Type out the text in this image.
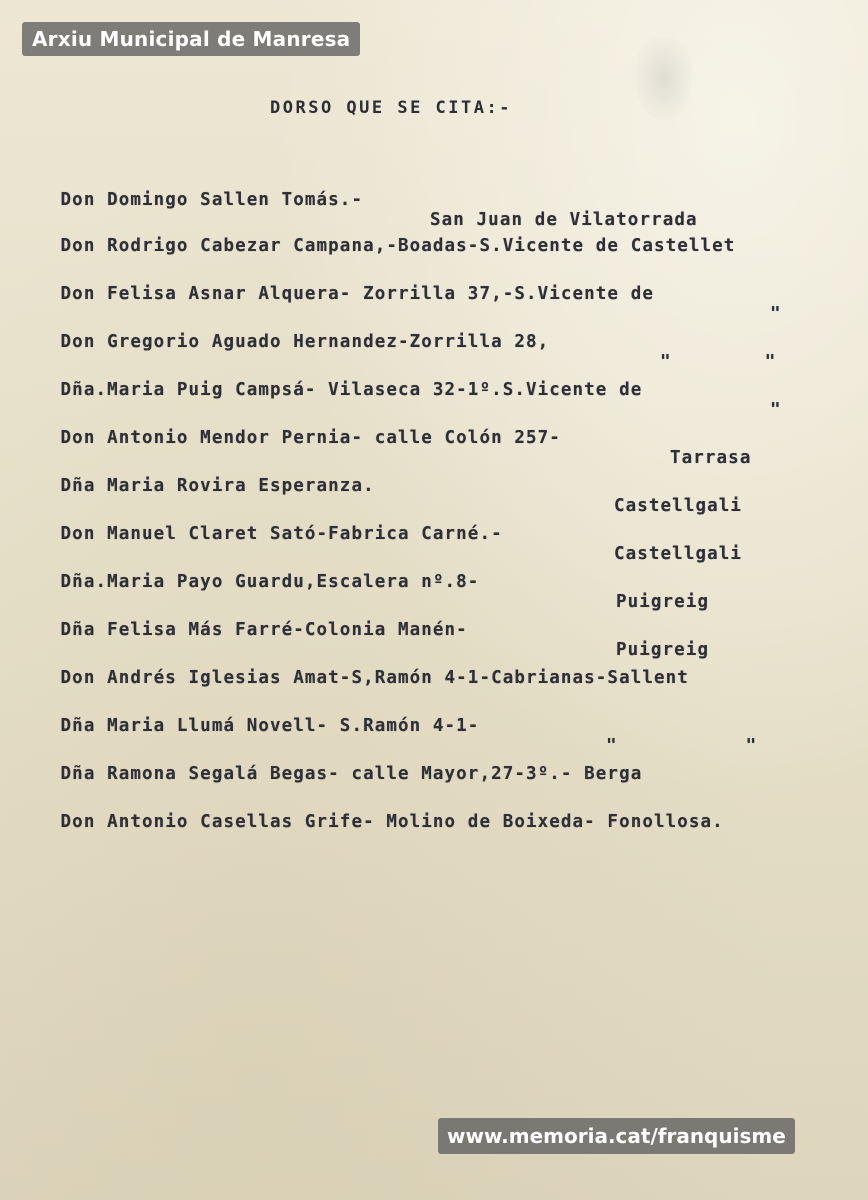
Arxiu Municipal de Manresa
DORSO QUE SE CITA:-

Don Domingo Sallen Tomás.-

San Juan de Vilatorrada

Don Rodrigo Cabezar Campana,-Boadas-S.Vicente de Castellet

Don Felisa Asnar Alquera- Zorrilla 37,-S.Vicente de

"

Don Gregorio Aguado Hernandez-Zorrilla 28,

"        "

Dña.Maria Puig Campsá- Vilaseca 32-1º.S.Vicente de

"

Don Antonio Mendor Pernia- calle Colón 257-

Tarrasa

Dña Maria Rovira Esperanza.

Castellgali

Don Manuel Claret Sató-Fabrica Carné.-

Castellgali

Dña.Maria Payo Guardu,Escalera nº.8-

Puigreig

Dña Felisa Más Farré-Colonia Manén-

Puigreig

Don Andrés Iglesias Amat-S,Ramón 4-1-Cabrianas-Sallent

Dña Maria Llumá Novell- S.Ramón 4-1-

"           "

Dña Ramona Segalá Begas- calle Mayor,27-3º.- Berga

Don Antonio Casellas Grife- Molino de Boixeda- Fonollosa.

www.memoria.cat/franquisme
